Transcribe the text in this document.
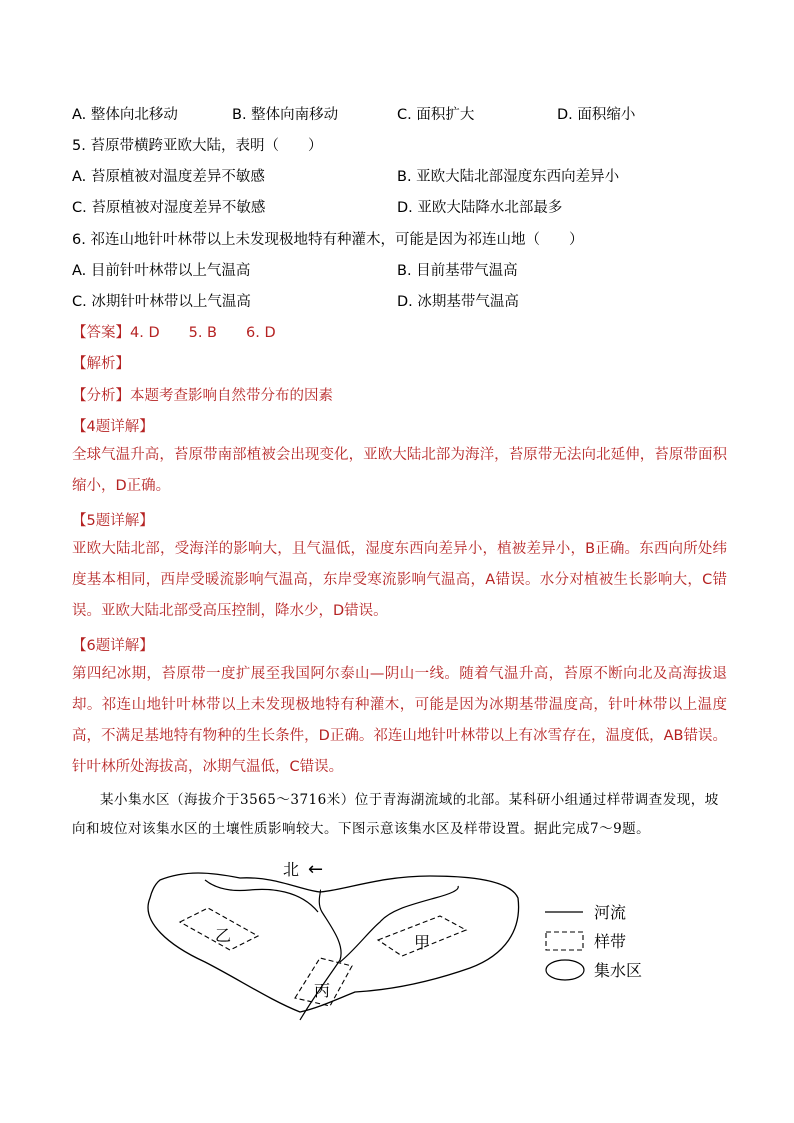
A. 整体向北移动	B. 整体向南移动	C. 面积扩大	D. 面积缩小
5. 苔原带横跨亚欧大陆，表明（　　）
A. 苔原植被对温度差异不敏感	B. 亚欧大陆北部湿度东西向差异小
C. 苔原植被对湿度差异不敏感	D. 亚欧大陆降水北部最多
6. 祁连山地针叶林带以上未发现极地特有种灌木，可能是因为祁连山地（　　）
A. 目前针叶林带以上气温高	B. 目前基带气温高
C. 冰期针叶林带以上气温高	D. 冰期基带气温高
【答案】4. D　　5. B　　6. D
【解析】
【分析】本题考查影响自然带分布的因素
【4题详解】
全球气温升高，苔原带南部植被会出现变化，亚欧大陆北部为海洋，苔原带无法向北延伸，苔原带面积缩小，D正确。
【5题详解】
亚欧大陆北部，受海洋的影响大，且气温低，湿度东西向差异小，植被差异小，B正确。东西向所处纬度基本相同，西岸受暖流影响气温高，东岸受寒流影响气温高，A错误。水分对植被生长影响大，C错误。亚欧大陆北部受高压控制，降水少，D错误。
【6题详解】
第四纪冰期，苔原带一度扩展至我国阿尔泰山—阴山一线。随着气温升高，苔原不断向北及高海拔退却。祁连山地针叶林带以上未发现极地特有种灌木，可能是因为冰期基带温度高，针叶林带以上温度高，不满足基地特有物种的生长条件，D正确。祁连山地针叶林带以上有冰雪存在，温度低，AB错误。针叶林所处海拔高，冰期气温低，C错误。
某小集水区（海拔介于3565～3716米）位于青海湖流域的北部。某科研小组通过样带调查发现，坡向和坡位对该集水区的土壤性质影响较大。下图示意该集水区及样带设置。据此完成7～9题。
北 ←
乙	甲
丙
河流
样带
集水区
